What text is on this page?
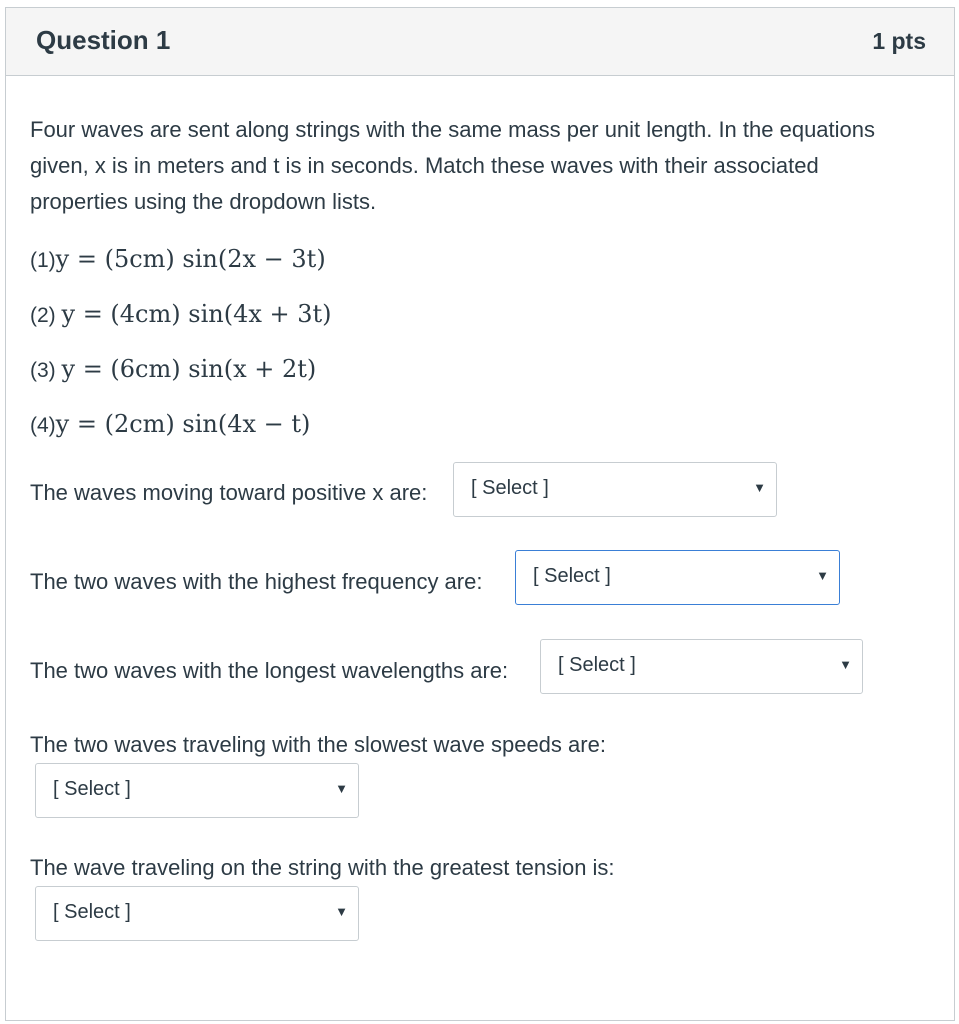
Question 1	1 pts
Four waves are sent along strings with the same mass per unit length. In the equations given, x is in meters and t is in seconds. Match these waves with their associated properties using the dropdown lists.
(1)y = (5cm) sin(2x − 3t)
(2) y = (4cm) sin(4x + 3t)
(3) y = (6cm) sin(x + 2t)
(4)y = (2cm) sin(4x − t)
The waves moving toward positive x are: [ Select ]	▼
The two waves with the highest frequency are:	[ Select ]	▼
The two waves with the longest wavelengths are: [ Select ]	▼
The two waves traveling with the slowest wave speeds are:
[ Select ]	▼
The wave traveling on the string with the greatest tension is:
[ Select ]	▼
